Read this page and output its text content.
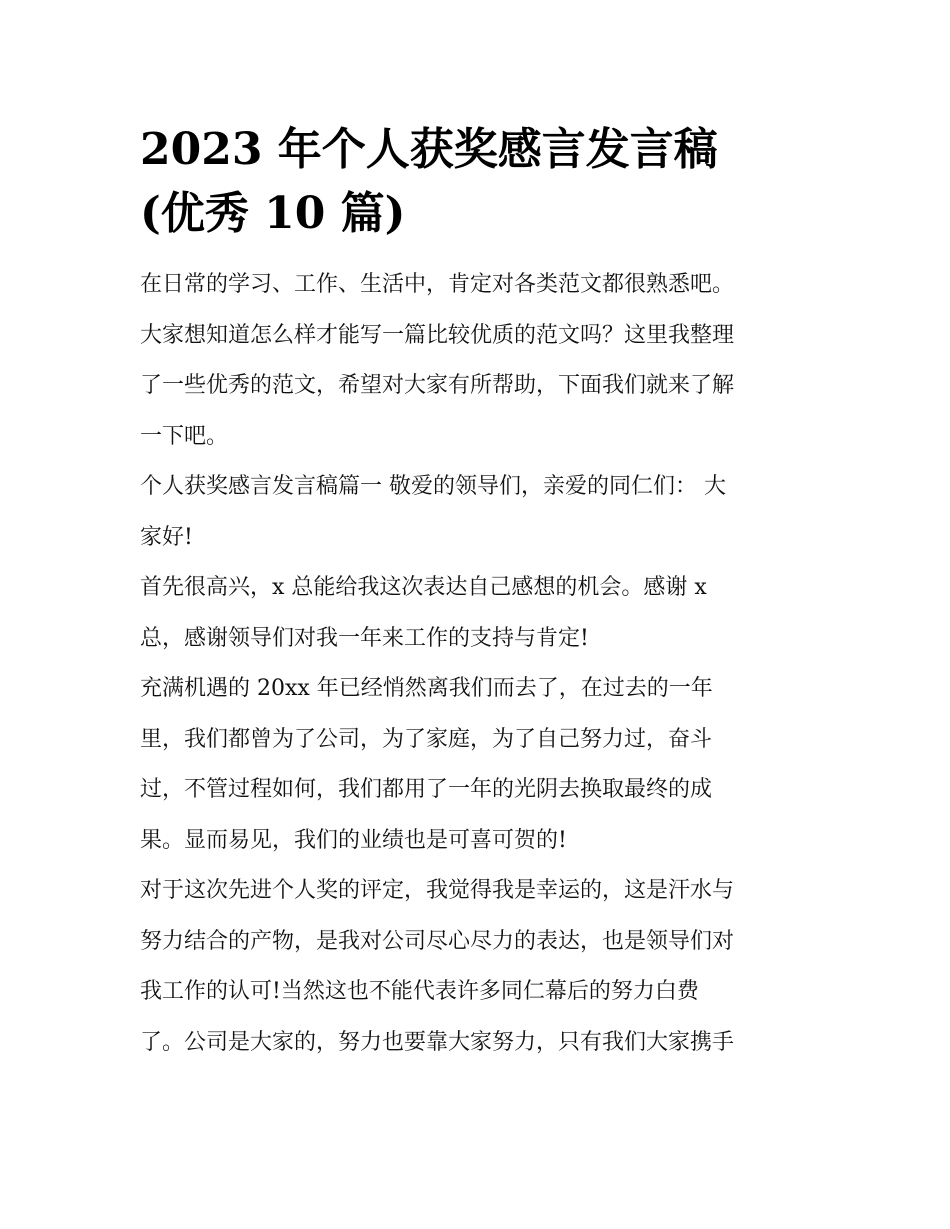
2023 年个人获奖感言发言稿
(优秀 10 篇)

在日常的学习、工作、生活中，肯定对各类范文都很熟悉吧。
大家想知道怎么样才能写一篇比较优质的范文吗？这里我整理
了一些优秀的范文，希望对大家有所帮助，下面我们就来了解
一下吧。

个人获奖感言发言稿篇一 敬爱的领导们，亲爱的同仁们： 大
家好!

首先很高兴，x 总能给我这次表达自己感想的机会。感谢 x
总，感谢领导们对我一年来工作的支持与肯定!

充满机遇的 20xx 年已经悄然离我们而去了，在过去的一年
里，我们都曾为了公司，为了家庭，为了自己努力过，奋斗
过，不管过程如何，我们都用了一年的光阴去换取最终的成
果。显而易见，我们的业绩也是可喜可贺的!

对于这次先进个人奖的评定，我觉得我是幸运的，这是汗水与
努力结合的产物，是我对公司尽心尽力的表达，也是领导们对
我工作的认可!当然这也不能代表许多同仁幕后的努力白费
了。公司是大家的，努力也要靠大家努力，只有我们大家携手
